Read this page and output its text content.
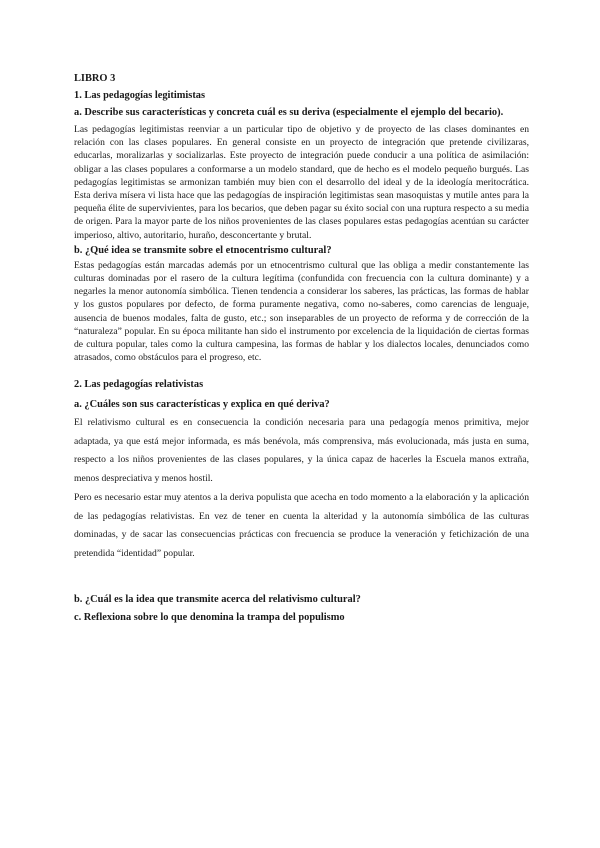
LIBRO 3
1. Las pedagogías legitimistas
a. Describe sus características y concreta cuál es su deriva (especialmente el ejemplo del becario).
Las pedagogías legitimistas reenviar a un particular tipo de objetivo y de proyecto de las clases dominantes en relación con las clases populares. En general consiste en un proyecto de integración que pretende civilizaras, educarlas, moralizarlas y socializarlas. Este proyecto de integración puede conducir a una política de asimilación: obligar a las clases populares a conformarse a un modelo standard, que de hecho es el modelo pequeño burgués. Las pedagogías legitimistas se armonizan también muy bien con el desarrollo del ideal y de la ideología meritocrática. Esta deriva mísera vi lista hace que las pedagogías de inspiración legitimistas sean masoquistas y mutile antes para la pequeña élite de supervivientes, para los becarios, que deben pagar su éxito social con una ruptura respecto a su media de origen. Para la mayor parte de los niños provenientes de las clases populares estas pedagogías acentúan su carácter imperioso, altivo, autoritario, huraño, desconcertante y brutal.
b. ¿Qué idea se transmite sobre el etnocentrismo cultural?
Estas pedagogías están marcadas además por un etnocentrismo cultural que las obliga a medir constantemente las culturas dominadas por el rasero de la cultura legítima (confundida con frecuencia con la cultura dominante) y a negarles la menor autonomía simbólica. Tienen tendencia a considerar los saberes, las prácticas, las formas de hablar y los gustos populares por defecto, de forma puramente negativa, como no-saberes, como carencias de lenguaje, ausencia de buenos modales, falta de gusto, etc.; son inseparables de un proyecto de reforma y de corrección de la “naturaleza” popular. En su época militante han sido el instrumento por excelencia de la liquidación de ciertas formas de cultura popular, tales como la cultura campesina, las formas de hablar y los dialectos locales, denunciados como atrasados, como obstáculos para el progreso, etc.
2. Las pedagogías relativistas
a. ¿Cuáles son sus características y explica en qué deriva?
El relativismo cultural es en consecuencia la condición necesaria para una pedagogía menos primitiva, mejor adaptada, ya que está mejor informada, es más benévola, más comprensiva, más evolucionada, más justa en suma, respecto a los niños provenientes de las clases populares, y la única capaz de hacerles la Escuela manos extraña, menos despreciativa y menos hostil.
Pero es necesario estar muy atentos a la deriva populista que acecha en todo momento a la elaboración y la aplicación de las pedagogías relativistas. En vez de tener en cuenta la alteridad y la autonomía simbólica de las culturas dominadas, y de sacar las consecuencias prácticas con frecuencia se produce la veneración y fetichización de una pretendida “identidad” popular.
b. ¿Cuál es la idea que transmite acerca del relativismo cultural?
c. Reflexiona sobre lo que denomina la trampa del populismo
